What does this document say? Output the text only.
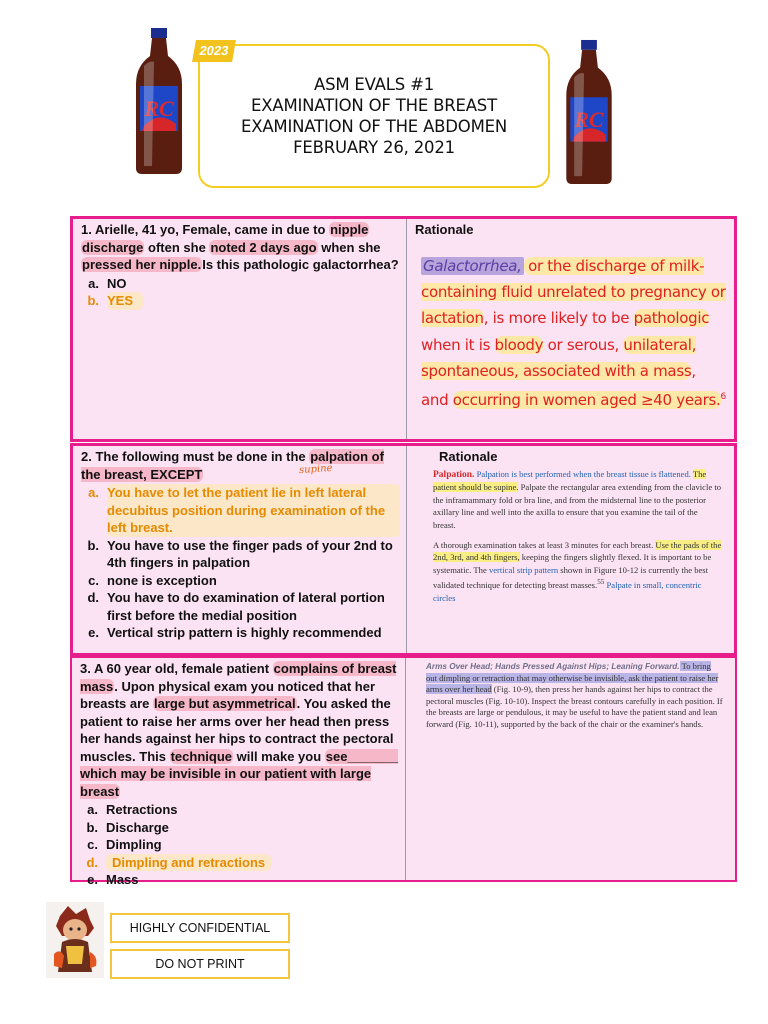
RC	RC
ASM EVALS #1
EXAMINATION OF THE BREAST
EXAMINATION OF THE ABDOMEN
FEBRUARY 26, 2021
2023
1. Arielle, 41 yo, Female, came in due to nipple discharge often she noted 2 days ago when she pressed her nipple.Is this pathologic galactorrhea?
a. NO
b. YES
Rationale
Galactorrhea, or the discharge of milk-containing fluid unrelated to pregnancy or lactation, is more likely to be pathologic when it is bloody or serous, unilateral, spontaneous, associated with a mass, and occurring in women aged ≥40 years.$^6$
2. The following must be done in the palpation of the breast, EXCEPT
a. You have to let the patient lie in left lateral decubitus position during examination of the left breast.
b. You have to use the finger pads of your 2nd to 4th fingers in palpation
c. none is exception
d. You have to do examination of lateral portion first before the medial position
e. Vertical strip pattern is highly recommended
supine
Rationale

Palpation. Palpation is best performed when the breast tissue is flattened. The patient should be supine. Palpate the rectangular area extending from the clavicle to the inframammary fold or bra line, and from the midsternal line to the posterior axillary line and well into the axilla to ensure that you examine the tail of the breast.

A thorough examination takes at least 3 minutes for each breast. Use the pads of the 2nd, 3rd, and 4th fingers, keeping the fingers slightly flexed. It is important to be systematic. The vertical strip pattern shown in Figure 10-12 is currently the best validated technique for detecting breast masses.$^{55}$ Palpate in small, concentric circles

3. A 60 year old, female patient complains of breast mass. Upon physical exam you noticed that her breasts are large but asymmetrical. You asked the patient to raise her arms over her head then press her hands against her hips to contract the pectoral muscles. This technique will make you see_______ which may be invisible in our patient with large breast
a. Retractions
b. Discharge
c. Dimpling
d.	Dimpling and retractions
e. Mass
Arms Over Head; Hands Pressed Against Hips; Leaning Forward. To bring out dimpling or retraction that may otherwise be invisible, ask the patient to raise her arms over her head (Fig. 10-9), then press her hands against her hips to contract the pectoral muscles (Fig. 10-10). Inspect the breast contours carefully in each position. If the breasts are large or pendulous, it may be useful to have the patient stand and lean forward (Fig. 10-11), supported by the back of the chair or the examiner's hands.
HIGHLY CONFIDENTIAL
DO NOT PRINT
